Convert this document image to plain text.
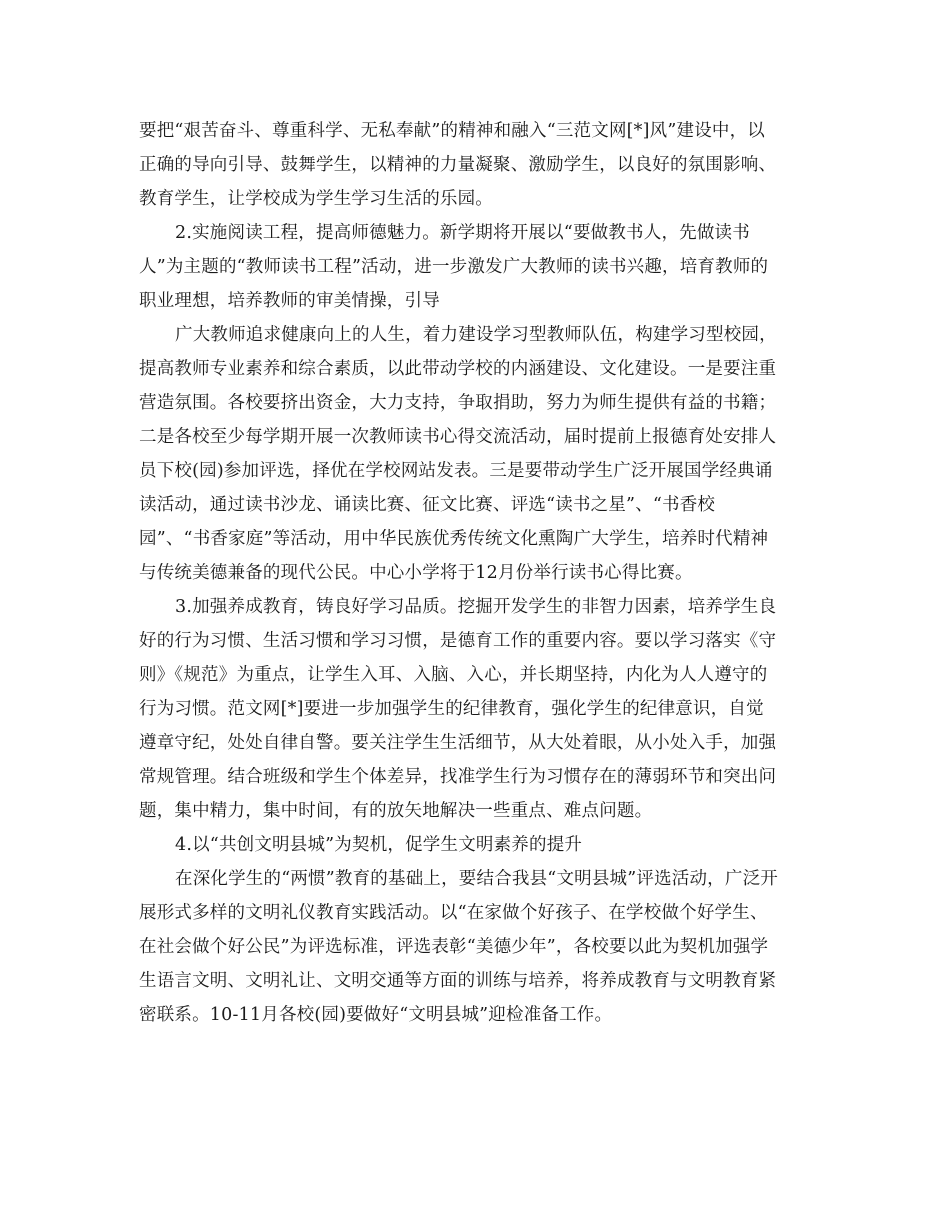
要把“艰苦奋斗、尊重科学、无私奉献”的精神和融入“三范文网[*]风”建设中，以
正确的导向引导、鼓舞学生，以精神的力量凝聚、激励学生，以良好的氛围影响、
教育学生，让学校成为学生学习生活的乐园。
2.实施阅读工程，提高师德魅力。新学期将开展以“要做教书人，先做读书
人”为主题的“教师读书工程”活动，进一步激发广大教师的读书兴趣，培育教师的
职业理想，培养教师的审美情操，引导
广大教师追求健康向上的人生，着力建设学习型教师队伍，构建学习型校园，
提高教师专业素养和综合素质，以此带动学校的内涵建设、文化建设。一是要注重
营造氛围。各校要挤出资金，大力支持，争取捐助，努力为师生提供有益的书籍；
二是各校至少每学期开展一次教师读书心得交流活动，届时提前上报德育处安排人
员下校(园)参加评选，择优在学校网站发表。三是要带动学生广泛开展国学经典诵
读活动，通过读书沙龙、诵读比赛、征文比赛、评选“读书之星”、“书香校
园”、“书香家庭”等活动，用中华民族优秀传统文化熏陶广大学生，培养时代精神
与传统美德兼备的现代公民。中心小学将于12月份举行读书心得比赛。
3.加强养成教育，铸良好学习品质。挖掘开发学生的非智力因素，培养学生良
好的行为习惯、生活习惯和学习习惯，是德育工作的重要内容。要以学习落实《守
则》《规范》为重点，让学生入耳、入脑、入心，并长期坚持，内化为人人遵守的
行为习惯。范文网[*]要进一步加强学生的纪律教育，强化学生的纪律意识，自觉
遵章守纪，处处自律自警。要关注学生生活细节，从大处着眼，从小处入手，加强
常规管理。结合班级和学生个体差异，找准学生行为习惯存在的薄弱环节和突出问
题，集中精力，集中时间，有的放矢地解决一些重点、难点问题。
4.以“共创文明县城”为契机，促学生文明素养的提升
在深化学生的“两惯”教育的基础上，要结合我县“文明县城”评选活动，广泛开
展形式多样的文明礼仪教育实践活动。以“在家做个好孩子、在学校做个好学生、
在社会做个好公民”为评选标准，评选表彰“美德少年”，各校要以此为契机加强学
生语言文明、文明礼让、文明交通等方面的训练与培养，将养成教育与文明教育紧
密联系。10-11月各校(园)要做好“文明县城”迎检准备工作。
